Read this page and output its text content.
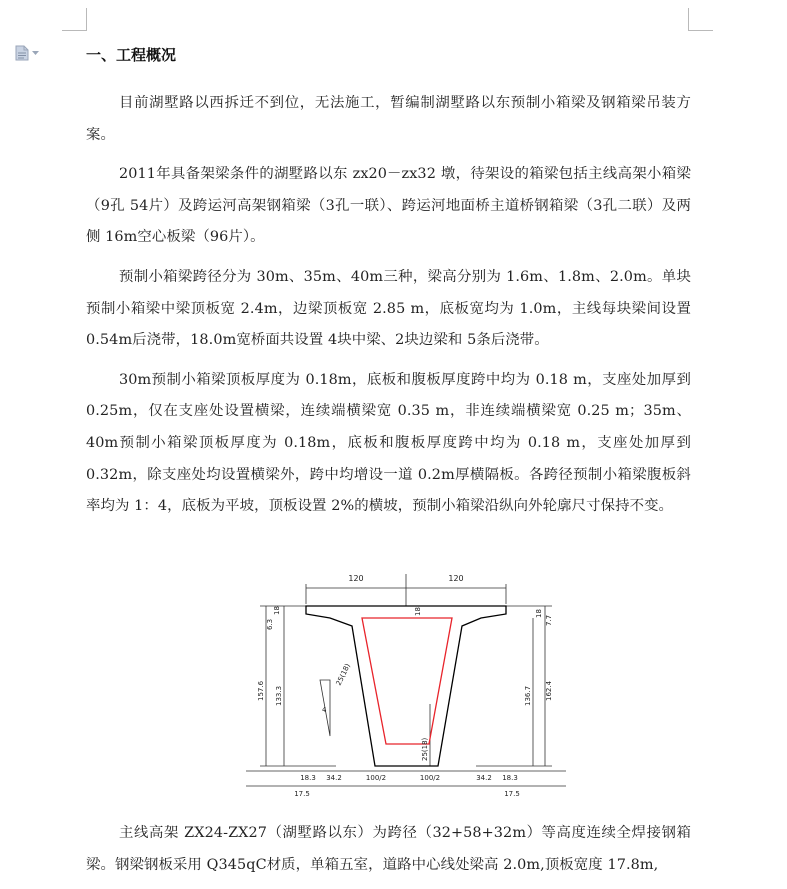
一、工程概况

目前湖墅路以西拆迁不到位，无法施工，暂编制湖墅路以东预制小箱梁及钢箱梁吊装方案。

2011年具备架梁条件的湖墅路以东 zx20－zx32 墩，待架设的箱梁包括主线高架小箱梁（9孔 54片）及跨运河高架钢箱梁（3孔一联）、跨运河地面桥主道桥钢箱梁（3孔二联）及两侧 16m空心板梁（96片）。

预制小箱梁跨径分为 30m、35m、40m三种，梁高分别为 1.6m、1.8m、2.0m。单块预制小箱梁中梁顶板宽 2.4m，边梁顶板宽 2.85 m，底板宽均为 1.0m，主线每块梁间设置 0.54m后浇带，18.0m宽桥面共设置 4块中梁、2块边梁和 5条后浇带。

30m预制小箱梁顶板厚度为 0.18m，底板和腹板厚度跨中均为 0.18 m，支座处加厚到 0.25m，仅在支座处设置横梁，连续端横梁宽 0.35 m，非连续端横梁宽 0.25 m；35m、40m预制小箱梁顶板厚度为 0.18m，底板和腹板厚度跨中均为 0.18 m，支座处加厚到 0.32m，除支座处均设置横梁外，跨中均增设一道 0.2m厚横隔板。各跨径预制小箱梁腹板斜率均为 1：4，底板为平坡，顶板设置 2%的横坡，预制小箱梁沿纵向外轮廓尺寸保持不变。

120	120
18
6.3
157.6 133.3
7.7
18
136.7 162.4
18
25(18)
25(18)
4
18.3 34.2	100/2	100/2	34.2 18.3
17.5	17.5

主线高架 ZX24-ZX27（湖墅路以东）为跨径（32+58+32m）等高度连续全焊接钢箱梁。钢梁钢板采用 Q345qC材质，单箱五室，道路中心线处梁高 2.0m,顶板宽度 17.8m,
